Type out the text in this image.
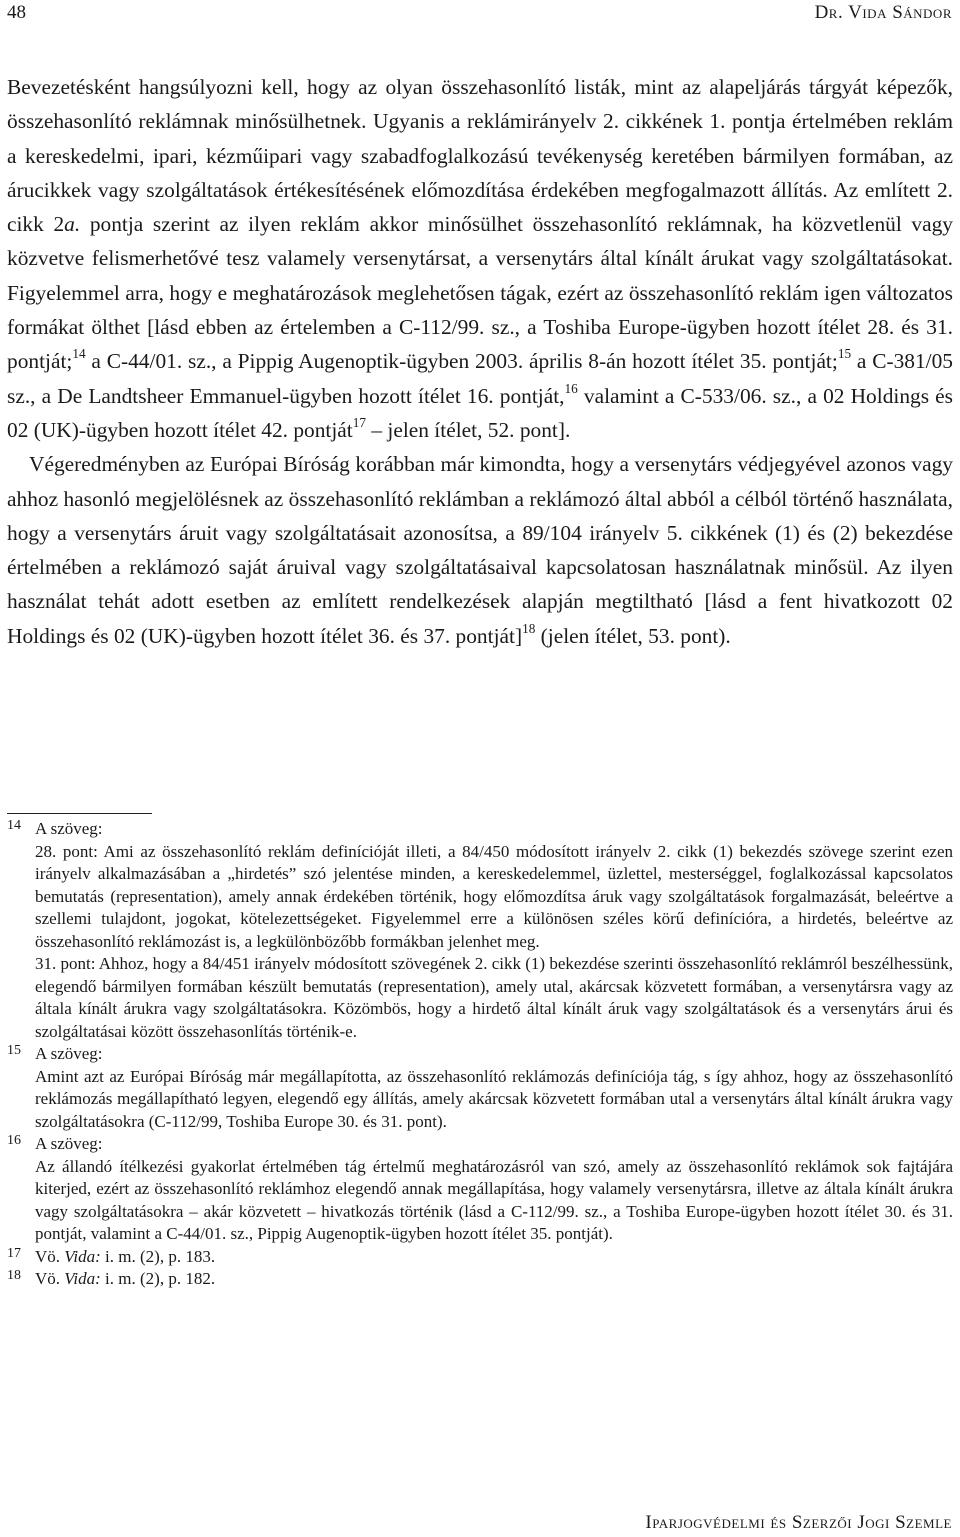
48	Dr. Vida Sándor

Bevezetésként hangsúlyozni kell, hogy az olyan összehasonlító listák, mint az alapeljárás tárgyát képezők, összehasonlító reklámnak minősülhetnek. Ugyanis a reklámirányelv 2. cikkének 1. pontja értelmében reklám a kereskedelmi, ipari, kézműipari vagy szabadfoglalkozású tevékenység keretében bármilyen formában, az árucikkek vagy szolgáltatások értékesítésének előmozdítása érdekében megfogalmazott állítás. Az említett 2. cikk 2a. pontja szerint az ilyen reklám akkor minősülhet összehasonlító reklámnak, ha közvetlenül vagy közvetve felismerhetővé tesz valamely versenytársat, a versenytárs által kínált árukat vagy szolgáltatásokat. Figyelemmel arra, hogy e meghatározások meglehetősen tágak, ezért az összehasonlító reklám igen változatos formákat ölthet [lásd ebben az értelemben a C-112/99. sz., a Toshiba Europe-ügyben hozott ítélet 28. és 31. pontját;$^{14}$ a C-44/01. sz., a Pippig Augenoptik-ügyben 2003. április 8-án hozott ítélet 35. pontját;$^{15}$ a C-381/05 sz., a De Landtsheer Emmanuel-ügyben hozott ítélet 16. pontját,$^{16}$ valamint a C-533/06. sz., a 02 Holdings és 02 (UK)-ügyben hozott ítélet 42. pontját$^{17}$ – jelen ítélet, 52. pont].

Végeredményben az Európai Bíróság korábban már kimondta, hogy a versenytárs védjegyével azonos vagy ahhoz hasonló megjelölésnek az összehasonlító reklámban a reklámozó által abból a célból történő használata, hogy a versenytárs áruit vagy szolgáltatásait azonosítsa, a 89/104 irányelv 5. cikkének (1) és (2) bekezdése értelmében a reklámozó saját áruival vagy szolgáltatásaival kapcsolatosan használatnak minősül. Az ilyen használat tehát adott esetben az említett rendelkezések alapján megtiltható [lásd a fent hivatkozott 02 Holdings és 02 (UK)-ügyben hozott ítélet 36. és 37. pontját]$^{18}$ (jelen ítélet, 53. pont).

14 A szöveg:

28. pont: Ami az összehasonlító reklám definícióját illeti, a 84/450 módosított irányelv 2. cikk (1) bekezdés szövege szerint ezen irányelv alkalmazásában a „hirdetés” szó jelentése minden, a kereskedelemmel, üzlettel, mesterséggel, foglalkozással kapcsolatos bemutatás (representation), amely annak érdekében történik, hogy előmozdítsa áruk vagy szolgáltatások forgalmazását, beleértve a szellemi tulajdont, jogokat, kötelezettségeket. Figyelemmel erre a különösen széles körű definícióra, a hirdetés, beleértve az összehasonlító reklámozást is, a legkülönbözőbb formákban jelenhet meg.

31. pont: Ahhoz, hogy a 84/451 irányelv módosított szövegének 2. cikk (1) bekezdése szerinti összehasonlító reklámról beszélhessünk, elegendő bármilyen formában készült bemutatás (representation), amely utal, akárcsak közvetett formában, a versenytársra vagy az általa kínált árukra vagy szolgáltatásokra. Közömbös, hogy a hirdető által kínált áruk vagy szolgáltatások és a versenytárs árui és szolgáltatásai között összehasonlítás történik-e.

15 A szöveg:

Amint azt az Európai Bíróság már megállapította, az összehasonlító reklámozás definíciója tág, s így ahhoz, hogy az összehasonlító reklámozás megállapítható legyen, elegendő egy állítás, amely akárcsak közvetett formában utal a versenytárs által kínált árukra vagy szolgáltatásokra (C-112/99, Toshiba Europe 30. és 31. pont).

16 A szöveg:

Az állandó ítélkezési gyakorlat értelmében tág értelmű meghatározásról van szó, amely az összehasonlító reklámok sok fajtájára kiterjed, ezért az összehasonlító reklámhoz elegendő annak megállapítása, hogy valamely versenytársra, illetve az általa kínált árukra vagy szolgáltatásokra – akár közvetett – hivatkozás történik (lásd a C-112/99. sz., a Toshiba Europe-ügyben hozott ítélet 30. és 31. pontját, valamint a C-44/01. sz., Pippig Augenoptik-ügyben hozott ítélet 35. pontját).

17 Vö. Vida: i. m. (2), p. 183.

18 Vö. Vida: i. m. (2), p. 182.

Iparjogvédelmi és Szerzői Jogi Szemle
